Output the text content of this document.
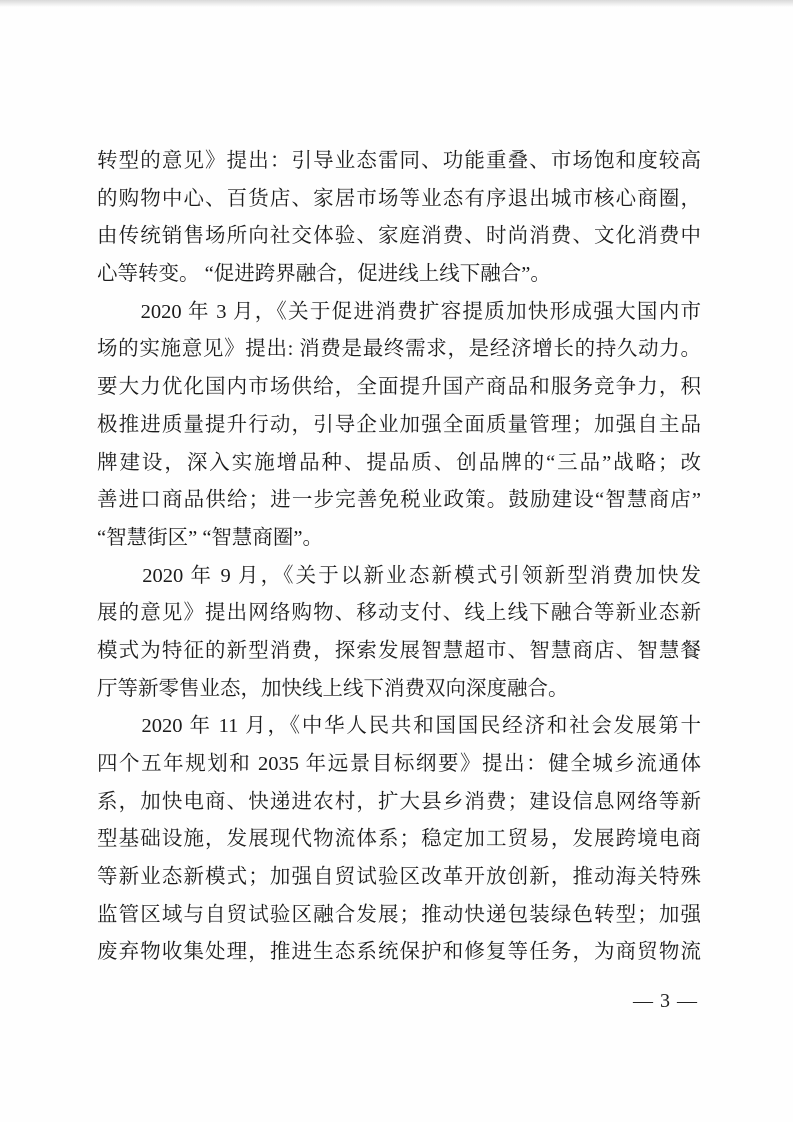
转型的意见》提出：引导业态雷同、功能重叠、市场饱和度较高
的购物中心、百货店、家居市场等业态有序退出城市核心商圈，
由传统销售场所向社交体验、家庭消费、时尚消费、文化消费中
心等转变。 “促进跨界融合，促进线上线下融合”。
　　2020 年 3 月，《关于促进消费扩容提质加快形成强大国内市
场的实施意见》提出: 消费是最终需求，是经济增长的持久动力。
要大力优化国内市场供给，全面提升国产商品和服务竞争力，积
极推进质量提升行动，引导企业加强全面质量管理；加强自主品
牌建设，深入实施增品种、提品质、创品牌的“三品”战略；改
善进口商品供给；进一步完善免税业政策。鼓励建设“智慧商店”
“智慧街区” “智慧商圈”。
　　2020 年 9 月，《关于以新业态新模式引领新型消费加快发
展的意见》提出网络购物、移动支付、线上线下融合等新业态新
模式为特征的新型消费，探索发展智慧超市、智慧商店、智慧餐
厅等新零售业态，加快线上线下消费双向深度融合。
　　2020 年 11 月，《中华人民共和国国民经济和社会发展第十
四个五年规划和 2035 年远景目标纲要》提出：健全城乡流通体
系，加快电商、快递进农村，扩大县乡消费；建设信息网络等新
型基础设施，发展现代物流体系；稳定加工贸易，发展跨境电商
等新业态新模式；加强自贸试验区改革开放创新，推动海关特殊
监管区域与自贸试验区融合发展；推动快递包装绿色转型；加强
废弃物收集处理，推进生态系统保护和修复等任务，为商贸物流
— 3 —
